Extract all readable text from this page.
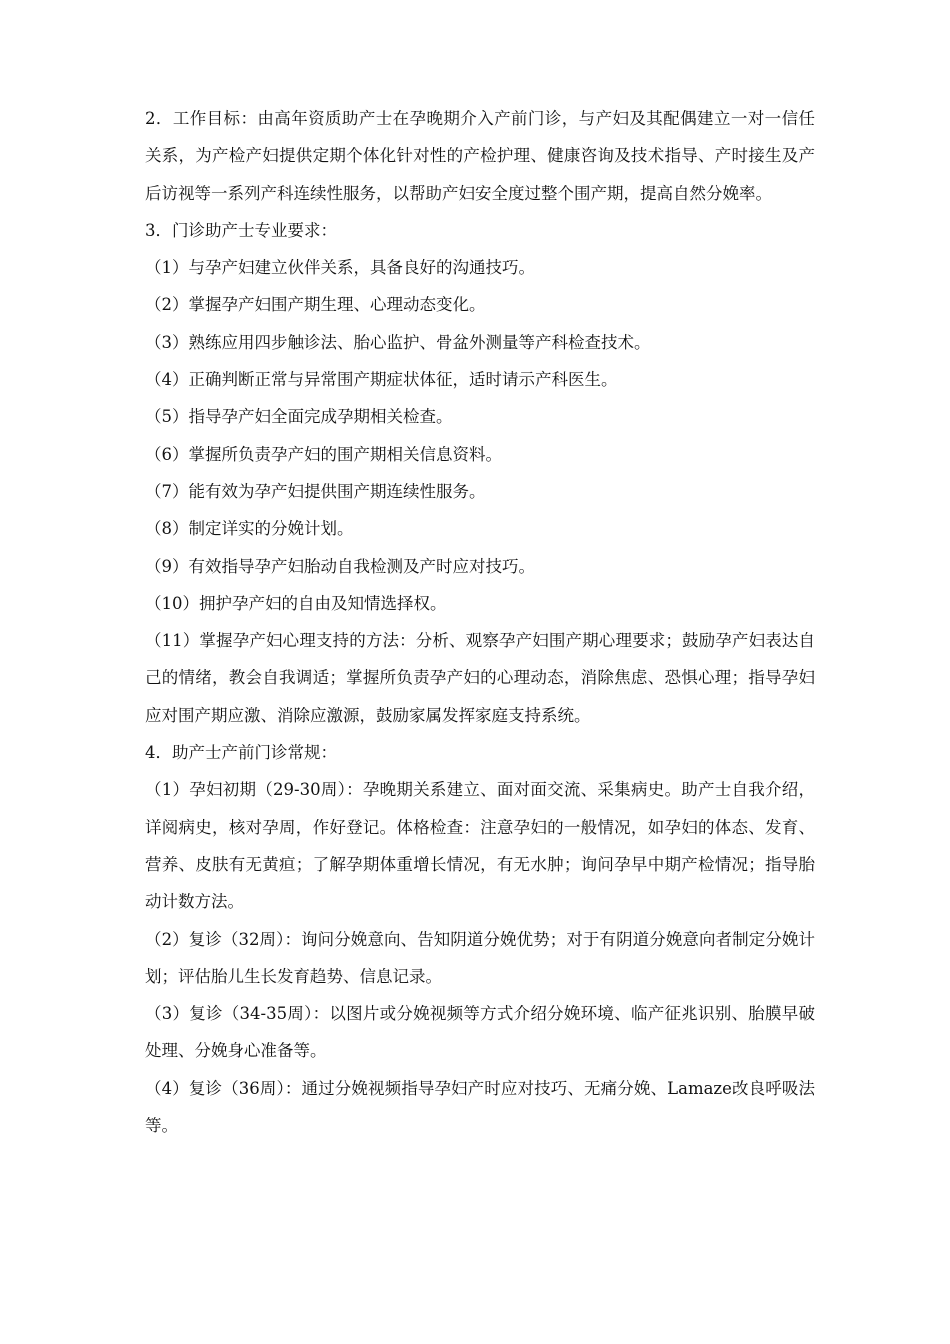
2．工作目标：由高年资质助产士在孕晚期介入产前门诊，与产妇及其配偶建立一对一信任关系，为产检产妇提供定期个体化针对性的产检护理、健康咨询及技术指导、产时接生及产后访视等一系列产科连续性服务，以帮助产妇安全度过整个围产期，提高自然分娩率。

3．门诊助产士专业要求：

（1）与孕产妇建立伙伴关系，具备良好的沟通技巧。

（2）掌握孕产妇围产期生理、心理动态变化。

（3）熟练应用四步触诊法、胎心监护、骨盆外测量等产科检查技术。

（4）正确判断正常与异常围产期症状体征，适时请示产科医生。

（5）指导孕产妇全面完成孕期相关检查。

（6）掌握所负责孕产妇的围产期相关信息资料。

（7）能有效为孕产妇提供围产期连续性服务。

（8）制定详实的分娩计划。

（9）有效指导孕产妇胎动自我检测及产时应对技巧。

（10）拥护孕产妇的自由及知情选择权。

（11）掌握孕产妇心理支持的方法：分析、观察孕产妇围产期心理要求；鼓励孕产妇表达自己的情绪，教会自我调适；掌握所负责孕产妇的心理动态，消除焦虑、恐惧心理；指导孕妇应对围产期应激、消除应激源，鼓励家属发挥家庭支持系统。

4．助产士产前门诊常规：

（1）孕妇初期（29-30周）：孕晚期关系建立、面对面交流、采集病史。助产士自我介绍，详阅病史，核对孕周，作好登记。体格检查：注意孕妇的一般情况，如孕妇的体态、发育、营养、皮肤有无黄疸；了解孕期体重增长情况，有无水肿；询问孕早中期产检情况；指导胎动计数方法。

（2）复诊（32周）：询问分娩意向、告知阴道分娩优势；对于有阴道分娩意向者制定分娩计划；评估胎儿生长发育趋势、信息记录。

（3）复诊（34-35周）：以图片或分娩视频等方式介绍分娩环境、临产征兆识别、胎膜早破处理、分娩身心准备等。

（4）复诊（36周）：通过分娩视频指导孕妇产时应对技巧、无痛分娩、Lamaze改良呼吸法等。
